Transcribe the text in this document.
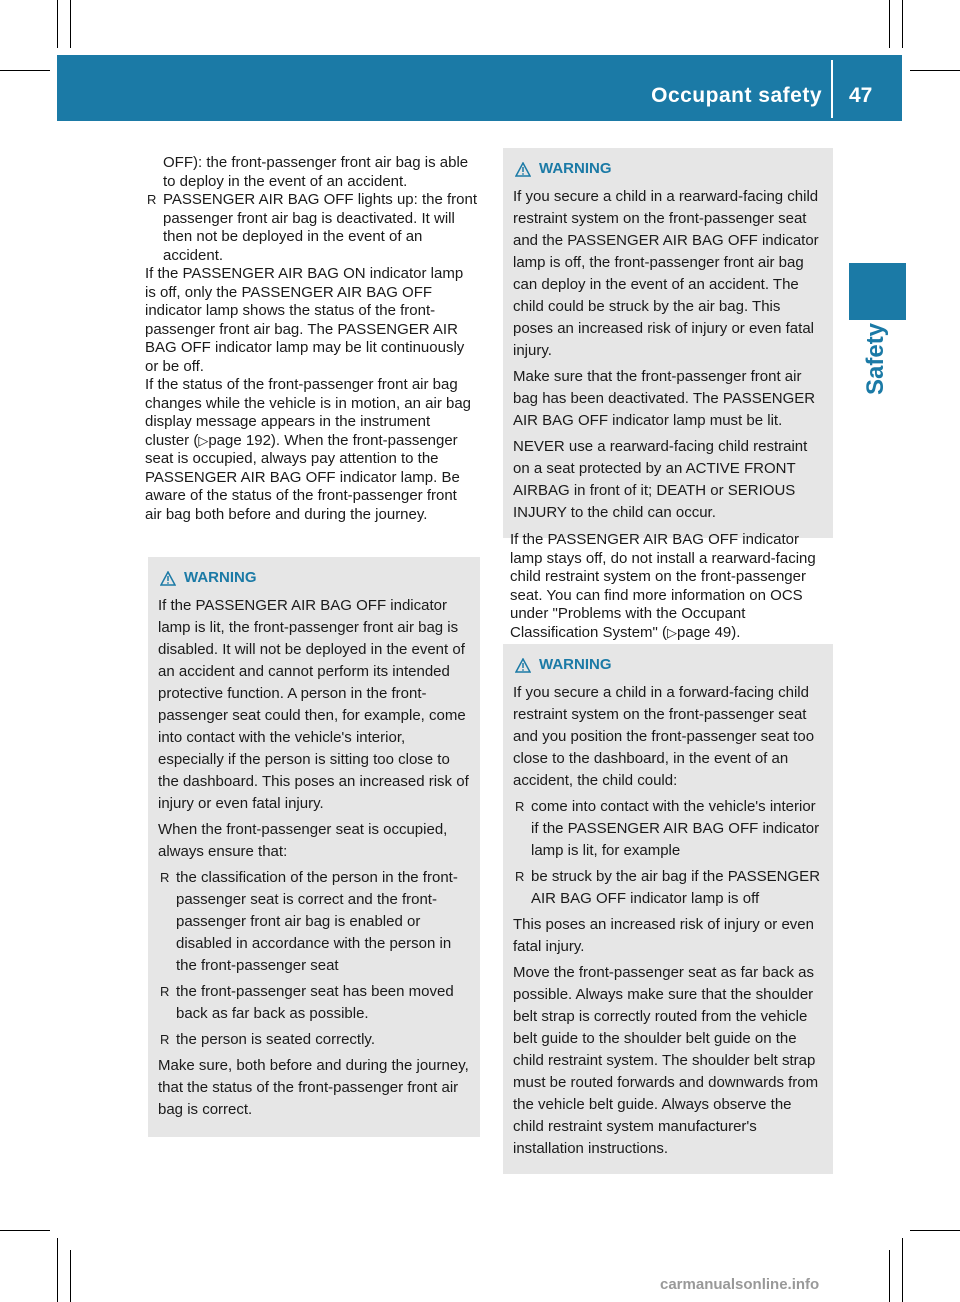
Occupant safety 47
Safety

OFF): the front-passenger front air bag is able to deploy in the event of an accident.

R PASSENGER AIR BAG OFF lights up: the front passenger front air bag is deactivated. It will then not be deployed in the event of an accident.

If the PASSENGER AIR BAG ON indicator lamp is off, only the PASSENGER AIR BAG OFF indicator lamp shows the status of the front-passenger front air bag. The PASSENGER AIR BAG OFF indicator lamp may be lit continuously or be off.

If the status of the front-passenger front air bag changes while the vehicle is in motion, an air bag display message appears in the instrument cluster (▷page 192). When the front-passenger seat is occupied, always pay attention to the PASSENGER AIR BAG OFF indicator lamp. Be aware of the status of the front-passenger front air bag both before and during the journey.

WARNING

If the PASSENGER AIR BAG OFF indicator lamp is lit, the front-passenger front air bag is disabled. It will not be deployed in the event of an accident and cannot perform its intended protective function. A person in the front-passenger seat could then, for example, come into contact with the vehicle's interior, especially if the person is sitting too close to the dashboard. This poses an increased risk of injury or even fatal injury.

When the front-passenger seat is occupied, always ensure that:

R the classification of the person in the front-passenger seat is correct and the front-passenger front air bag is enabled or disabled in accordance with the person in the front-passenger seat
R the front-passenger seat has been moved back as far back as possible.
R the person is seated correctly.

Make sure, both before and during the journey, that the status of the front-passenger front air bag is correct.

WARNING

If you secure a child in a rearward-facing child restraint system on the front-passenger seat and the PASSENGER AIR BAG OFF indicator lamp is off, the front-passenger front air bag can deploy in the event of an accident. The child could be struck by the air bag. This poses an increased risk of injury or even fatal injury.

Make sure that the front-passenger front air bag has been deactivated. The PASSENGER AIR BAG OFF indicator lamp must be lit.

NEVER use a rearward-facing child restraint on a seat protected by an ACTIVE FRONT AIRBAG in front of it; DEATH or SERIOUS INJURY to the child can occur.

If the PASSENGER AIR BAG OFF indicator lamp stays off, do not install a rearward-facing child restraint system on the front-passenger seat. You can find more information on OCS under "Problems with the Occupant Classification System" (▷page 49).

WARNING

If you secure a child in a forward-facing child restraint system on the front-passenger seat and you position the front-passenger seat too close to the dashboard, in the event of an accident, the child could:

R come into contact with the vehicle's interior if the PASSENGER AIR BAG OFF indicator lamp is lit, for example
R be struck by the air bag if the PASSENGER AIR BAG OFF indicator lamp is off

This poses an increased risk of injury or even fatal injury.

Move the front-passenger seat as far back as possible. Always make sure that the shoulder belt strap is correctly routed from the vehicle belt guide to the shoulder belt guide on the child restraint system. The shoulder belt strap must be routed forwards and downwards from the vehicle belt guide. Always observe the child restraint system manufacturer's installation instructions.

carmanualsonline.info
